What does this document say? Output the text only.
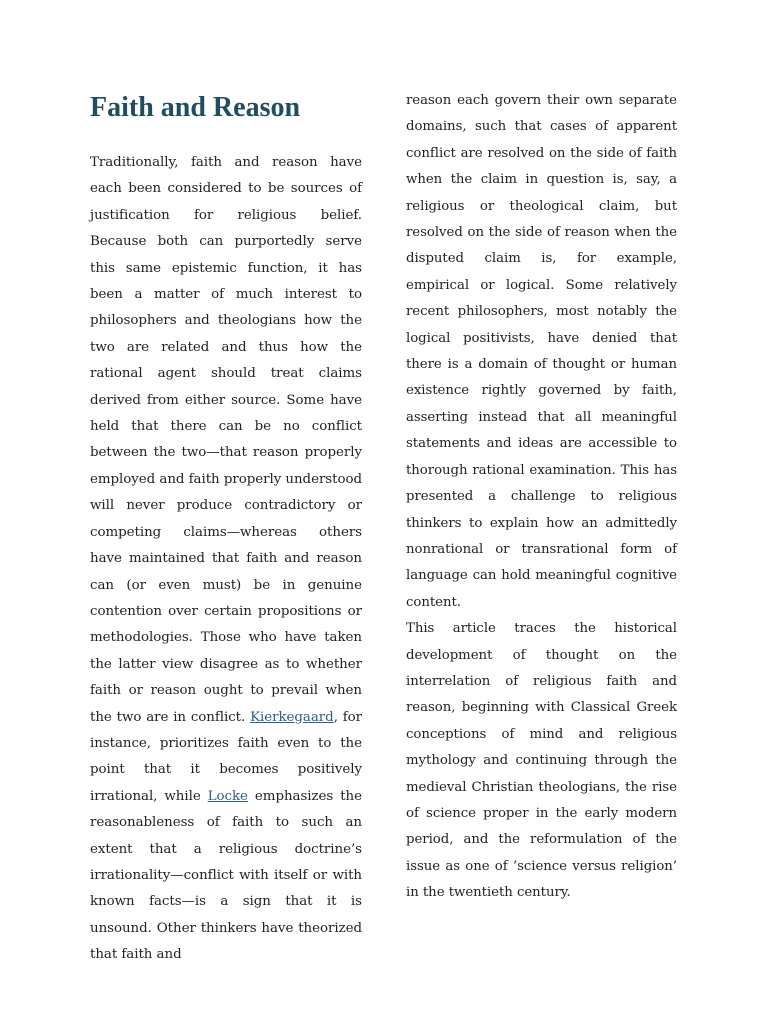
Faith and Reason

Traditionally, faith and reason have each been considered to be sources of justification for religious belief. Because both can purportedly serve this same epistemic function, it has been a matter of much interest to philosophers and theologians how the two are related and thus how the rational agent should treat claims derived from either source. Some have held that there can be no conflict between the two—that reason properly employed and faith properly understood will never produce contradictory or competing claims—whereas others have maintained that faith and reason can (or even must) be in genuine contention over certain propositions or methodologies. Those who have taken the latter view disagree as to whether faith or reason ought to prevail when the two are in conflict. Kierkegaard, for instance, prioritizes faith even to the point that it becomes positively irrational, while Locke emphasizes the reasonableness of faith to such an extent that a religious doctrine’s irrationality—conflict with itself or with known facts—is a sign that it is unsound. Other thinkers have theorized that faith and

reason each govern their own separate domains, such that cases of apparent conflict are resolved on the side of faith when the claim in question is, say, a religious or theological claim, but resolved on the side of reason when the disputed claim is, for example, empirical or logical. Some relatively recent philosophers, most notably the logical positivists, have denied that there is a domain of thought or human existence rightly governed by faith, asserting instead that all meaningful statements and ideas are accessible to thorough rational examination. This has presented a challenge to religious thinkers to explain how an admittedly nonrational or transrational form of language can hold meaningful cognitive content.

This article traces the historical development of thought on the interrelation of religious faith and reason, beginning with Classical Greek conceptions of mind and religious mythology and continuing through the medieval Christian theologians, the rise of science proper in the early modern period, and the reformulation of the issue as one of ‘science versus religion’ in the twentieth century.
